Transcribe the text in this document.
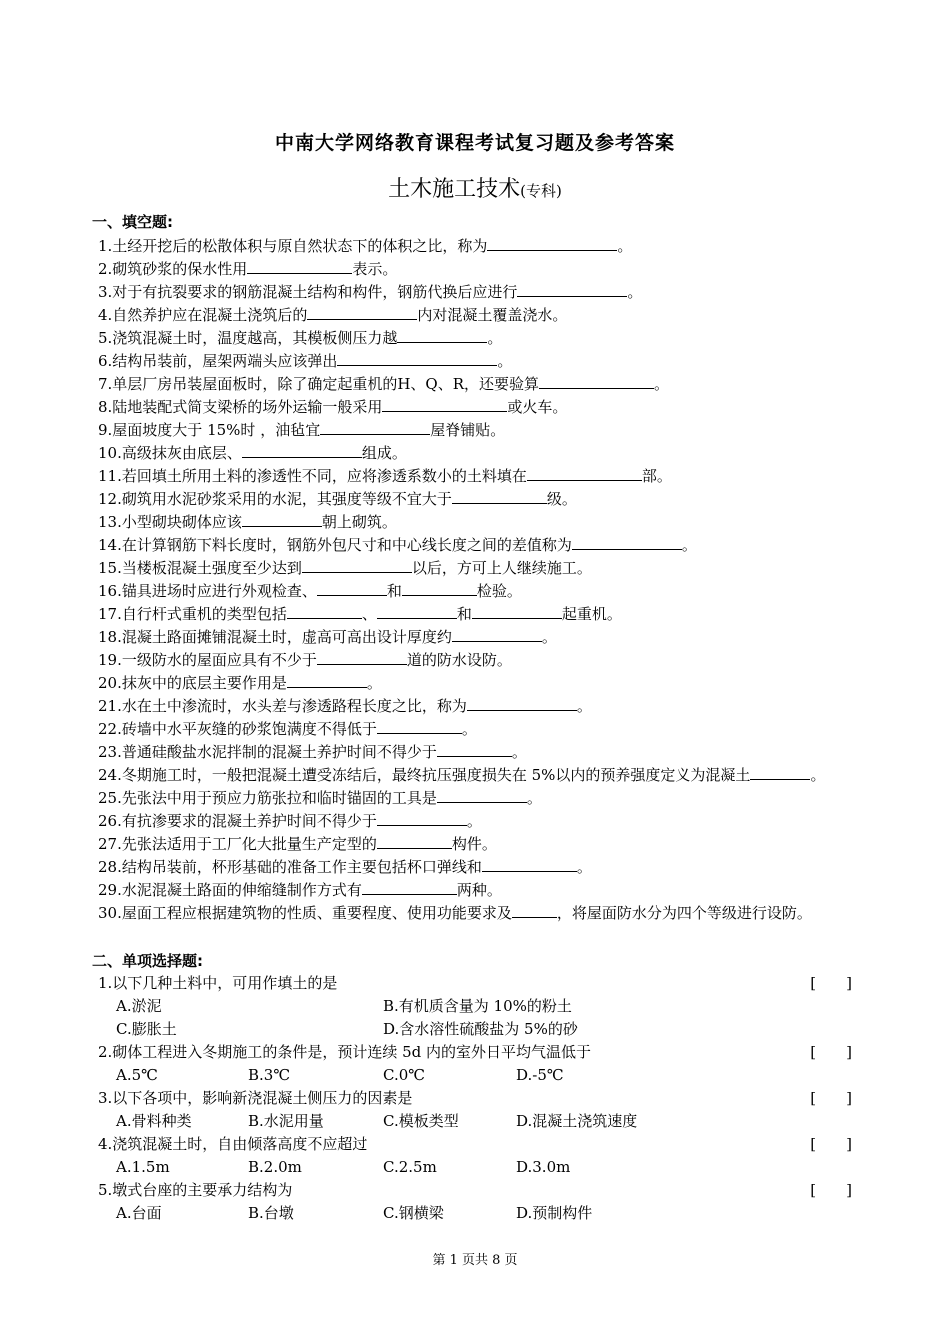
中南大学网络教育课程考试复习题及参考答案
土木施工技术(专科)
一、填空题:
1.土经开挖后的松散体积与原自然状态下的体积之比，称为	。
2.砌筑砂浆的保水性用	表示。
3.对于有抗裂要求的钢筋混凝土结构和构件，钢筋代换后应进行	。
4.自然养护应在混凝土浇筑后的	内对混凝土覆盖浇水。
5.浇筑混凝土时，温度越高，其模板侧压力越	。
6.结构吊装前，屋架两端头应该弹出	。
7.单层厂房吊装屋面板时，除了确定起重机的H、Q、R，还要验算	。
8.陆地装配式简支梁桥的场外运输一般采用	或火车。
9.屋面坡度大于 15%时 ，油毡宜	屋脊铺贴。
10.高级抹灰由底层、	组成。
11.若回填土所用土料的渗透性不同，应将渗透系数小的土料填在	部。
12.砌筑用水泥砂浆采用的水泥，其强度等级不宜大于	级。
13.小型砌块砌体应该	朝上砌筑。
14.在计算钢筋下料长度时，钢筋外包尺寸和中心线长度之间的差值称为	。
15.当楼板混凝土强度至少达到	以后，方可上人继续施工。
16.锚具进场时应进行外观检查、	和	检验。
17.自行杆式重机的类型包括	、	和	起重机。
18.混凝土路面摊铺混凝土时，虚高可高出设计厚度约	。
19.一级防水的屋面应具有不少于	道的防水设防。
20.抹灰中的底层主要作用是	。
21.水在土中渗流时，水头差与渗透路程长度之比，称为	。
22.砖墙中水平灰缝的砂浆饱满度不得低于	。
23.普通硅酸盐水泥拌制的混凝土养护时间不得少于	。
24.冬期施工时，一般把混凝土遭受冻结后，最终抗压强度损失在 5%以内的预养强度定义为混凝土	。
25.先张法中用于预应力筋张拉和临时锚固的工具是	。
26.有抗渗要求的混凝土养护时间不得少于	。
27.先张法适用于工厂化大批量生产定型的	构件。
28.结构吊装前，杯形基础的准备工作主要包括杯口弹线和	。
29.水泥混凝土路面的伸缩缝制作方式有	两种。
30.屋面工程应根据建筑物的性质、重要程度、使用功能要求及	，将屋面防水分为四个等级进行设防。
二、单项选择题:
1.以下几种土料中，可用作填土的是	[　　]
A.淤泥	B.有机质含量为 10%的粉土
C.膨胀土	D.含水溶性硫酸盐为 5%的砂
2.砌体工程进入冬期施工的条件是，预计连续 5d 内的室外日平均气温低于	[　　]
A.5℃	B.3℃	C.0℃	D.-5℃
3.以下各项中，影响新浇混凝土侧压力的因素是	[　　]
A.骨料种类	B.水泥用量	C.模板类型	D.混凝土浇筑速度
4.浇筑混凝土时，自由倾落高度不应超过	[　　]
A.1.5m	B.2.0m	C.2.5m	D.3.0m
5.墩式台座的主要承力结构为	[　　]
A.台面	B.台墩	C.钢横梁	D.预制构件
第 1 页共 8 页
